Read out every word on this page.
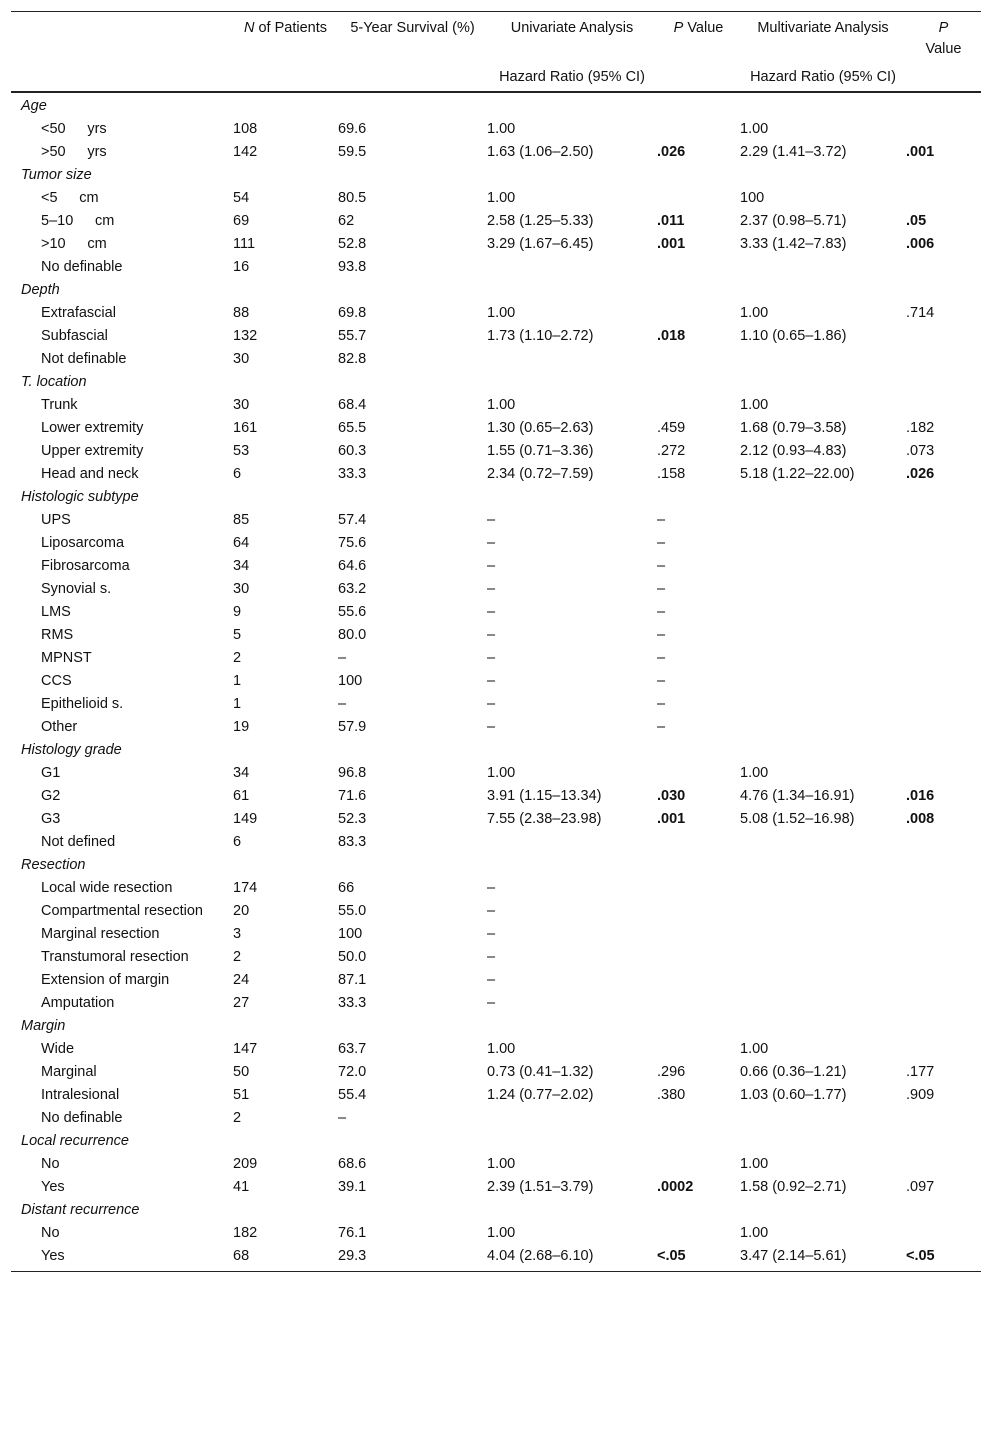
	N of Patients	5-Year Survival (%)	Univariate Analysis	P Value	Multivariate Analysis	P
Value
			Hazard Ratio (95% CI)		Hazard Ratio (95% CI)	
Age						
<50  yrs	108	69.6	1.00		1.00	
>50  yrs	142	59.5	1.63 (1.06–2.50)	.026	2.29 (1.41–3.72)	.001
Tumor size						
<5  cm	54	80.5	1.00		100	
5–10  cm	69	62	2.58 (1.25–5.33)	.011	2.37 (0.98–5.71)	.05
>10  cm	111	52.8	3.29 (1.67–6.45)	.001	3.33 (1.42–7.83)	.006
No definable	16	93.8				
Depth						
Extrafascial	88	69.8	1.00		1.00	.714
Subfascial	132	55.7	1.73 (1.10–2.72)	.018	1.10 (0.65–1.86)	
Not definable	30	82.8				
T. location						
Trunk	30	68.4	1.00		1.00	
Lower extremity	161	65.5	1.30 (0.65–2.63)	.459	1.68 (0.79–3.58)	.182
Upper extremity	53	60.3	1.55 (0.71–3.36)	.272	2.12 (0.93–4.83)	.073
Head and neck	6	33.3	2.34 (0.72–7.59)	.158	5.18 (1.22–22.00)	.026
Histologic subtype						
UPS	85	57.4	–	–		
Liposarcoma	64	75.6	–	–		
Fibrosarcoma	34	64.6	–	–		
Synovial s.	30	63.2	–	–		
LMS	9	55.6	–	–		
RMS	5	80.0	–	–		
MPNST	2	–	–	–		
CCS	1	100	–	–		
Epithelioid s.	1	–	–	–		
Other	19	57.9	–	–		
Histology grade						
G1	34	96.8	1.00		1.00	
G2	61	71.6	3.91 (1.15–13.34)	.030	4.76 (1.34–16.91)	.016
G3	149	52.3	7.55 (2.38–23.98)	.001	5.08 (1.52–16.98)	.008
Not defined	6	83.3				
Resection						
Local wide resection	174	66	–			
Compartmental resection	20	55.0	–			
Marginal resection	3	100	–			
Transtumoral resection	2	50.0	–			
Extension of margin	24	87.1	–			
Amputation	27	33.3	–			
Margin						
Wide	147	63.7	1.00		1.00	
Marginal	50	72.0	0.73 (0.41–1.32)	.296	0.66 (0.36–1.21)	.177
Intralesional	51	55.4	1.24 (0.77–2.02)	.380	1.03 (0.60–1.77)	.909
No definable	2	–				
Local recurrence						
No	209	68.6	1.00		1.00	
Yes	41	39.1	2.39 (1.51–3.79)	.0002	1.58 (0.92–2.71)	.097
Distant recurrence						
No	182	76.1	1.00		1.00	
Yes	68	29.3	4.04 (2.68–6.10)	<.05	3.47 (2.14–5.61)	<.05
